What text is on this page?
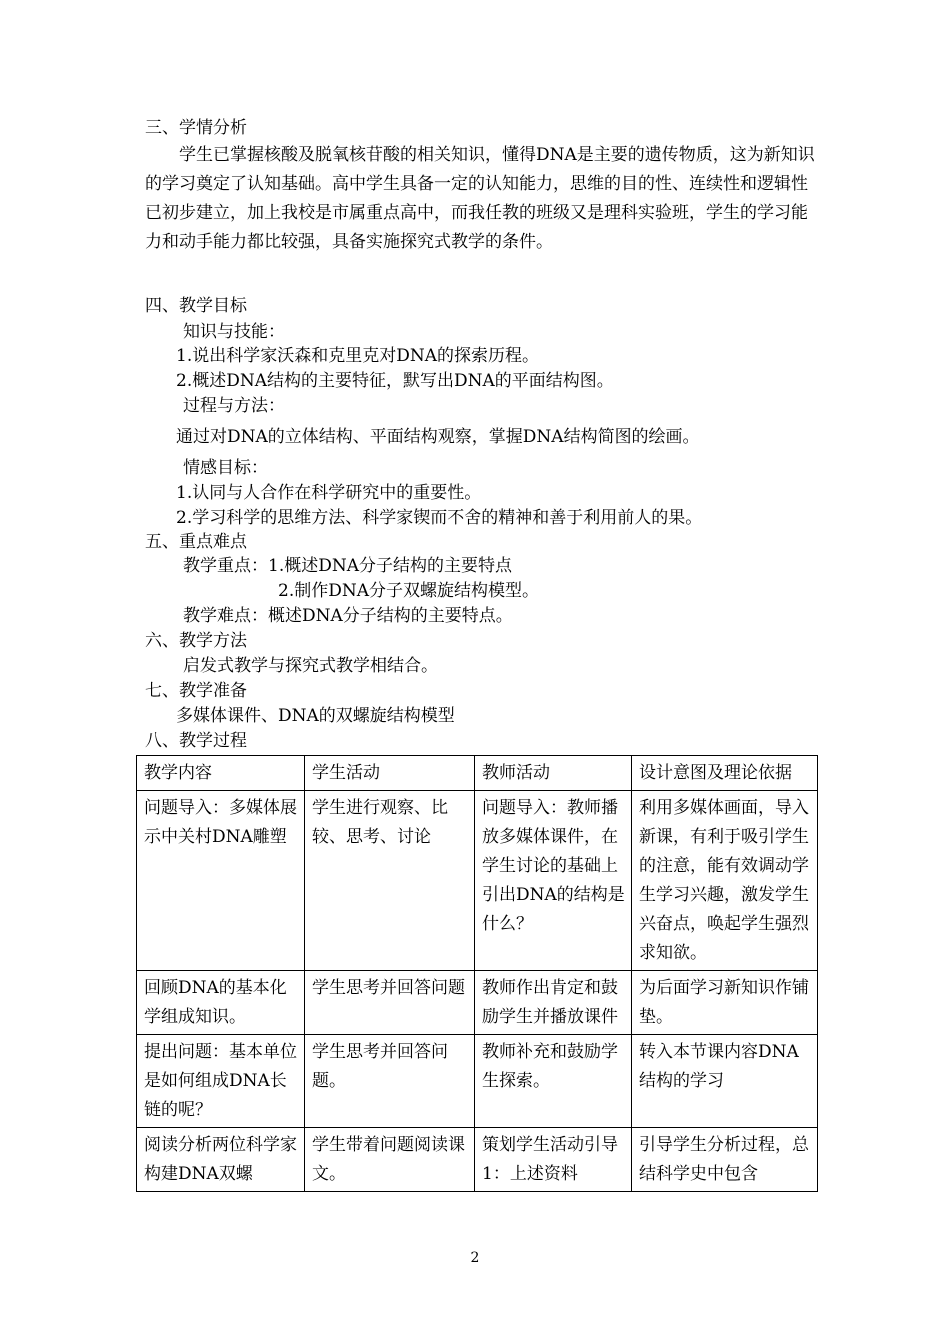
三、学情分析
学生已掌握核酸及脱氧核苷酸的相关知识，懂得DNA是主要的遗传物质，这为新知识的学习奠定了认知基础。高中学生具备一定的认知能力，思维的目的性、连续性和逻辑性已初步建立，加上我校是市属重点高中，而我任教的班级又是理科实验班，学生的学习能力和动手能力都比较强，具备实施探究式教学的条件。
四、教学目标
知识与技能：
1.说出科学家沃森和克里克对DNA的探索历程。
2.概述DNA结构的主要特征，默写出DNA的平面结构图。
过程与方法：
通过对DNA的立体结构、平面结构观察，掌握DNA结构简图的绘画。
情感目标：
1.认同与人合作在科学研究中的重要性。
2.学习科学的思维方法、科学家锲而不舍的精神和善于利用前人的果。
五、重点难点
教学重点：1.概述DNA分子结构的主要特点
2.制作DNA分子双螺旋结构模型。
教学难点：概述DNA分子结构的主要特点。
六、教学方法
启发式教学与探究式教学相结合。
七、教学准备
多媒体课件、DNA的双螺旋结构模型
八、教学过程
教学内容	学生活动	教师活动	设计意图及理论依据
问题导入：多媒体展示中关村DNA雕塑	学生进行观察、比较、思考、讨论	问题导入：教师播放多媒体课件，在学生讨论的基础上引出DNA的结构是什么？	利用多媒体画面，导入新课，有利于吸引学生的注意，能有效调动学生学习兴趣，激发学生兴奋点，唤起学生强烈求知欲。
回顾DNA的基本化学组成知识。	学生思考并回答问题	教师作出肯定和鼓励学生并播放课件	为后面学习新知识作铺垫。
提出问题：基本单位是如何组成DNA长链的呢？	学生思考并回答问题。	教师补充和鼓励学生探索。	转入本节课内容DNA结构的学习
阅读分析两位科学家构建DNA双螺	学生带着问题阅读课文。	策划学生活动引导1：上述资料	引导学生分析过程，总结科学史中包含
2
